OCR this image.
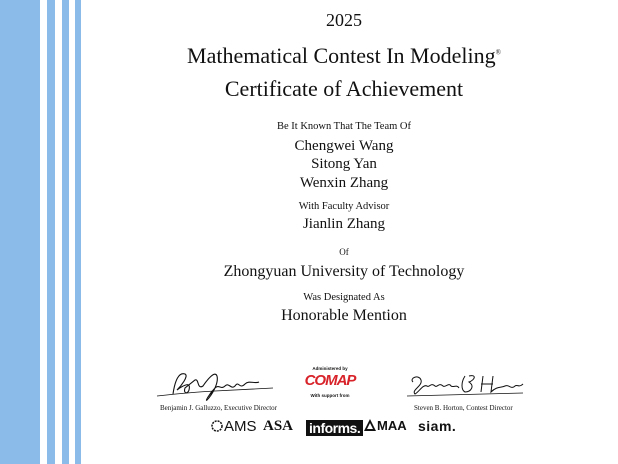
2025
Mathematical Contest In Modeling®
Certificate of Achievement
Be It Known That The Team Of
Chengwei Wang
Sitong Yan
Wenxin Zhang
With Faculty Advisor
Jianlin Zhang
Of
Zhongyuan University of Technology
Was Designated As
Honorable Mention
Benjamin J. Galluzzo, Executive Director
Administered by
COMAP
With support from
Steven B. Horton, Contest Director
AMS ASA informs.	MAA siam.
